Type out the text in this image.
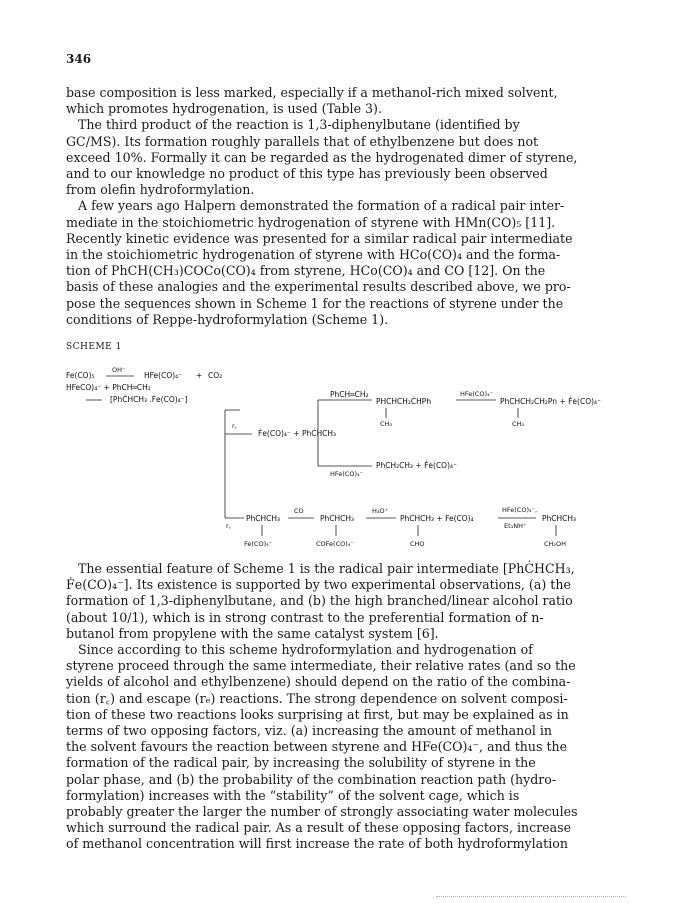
346
base composition is less marked, especially if a methanol-rich mixed solvent,
which promotes hydrogenation, is used (Table 3).
The third product of the reaction is 1,3-diphenylbutane (identified by
GC/MS). Its formation roughly parallels that of ethylbenzene but does not
exceed 10%. Formally it can be regarded as the hydrogenated dimer of styrene,
and to our knowledge no product of this type has previously been observed
from olefin hydroformylation.
A few years ago Halpern demonstrated the formation of a radical pair inter-
mediate in the stoichiometric hydrogenation of styrene with HMn(CO)₅ [11].
Recently kinetic evidence was presented for a similar radical pair intermediate
in the stoichiometric hydrogenation of styrene with HCo(CO)₄ and the forma-
tion of PhCH(CH₃)COCo(CO)₄ from styrene, HCo(CO)₄ and CO [12]. On the
basis of these analogies and the experimental results described above, we pro-
pose the sequences shown in Scheme 1 for the reactions of styrene under the
conditions of Reppe-hydroformylation (Scheme 1).
SCHEME 1
Fe(CO)₅
OH⁻
HFe(CO)₄⁻ + CO₂
HFeCO)₄⁻ + PhCH═CH₂
[PhĊHCH₃ .Ḟe(CO)₄⁻]
r꜀
Ḟe(CO)₄⁻ + PhĊHCH₃
PhCH═CH₂
PHCHCH₂ĊHPh
CH₃
HFe(CO)₄⁻
PhCHCH₂CH₂Pn + Ḟe(CO)₄⁻
CH₃
HFe(CO)₄⁻
PhCH₂CH₃ + Ḟe(CO)₄⁻
r꜀
PhCHCH₃
Fe(CO)₄⁻
CO
PhCHCH₃
COFe(CO)₄⁻
H₃O⁺
PhCHCH₃ + Fe(CO)₄
CHO
HFe(CO)₄⁻,
Et₃NH⁺
PhCHCH₃
CH₂OH
The essential feature of Scheme 1 is the radical pair intermediate [PhĊHCH₃,
Ḟe(CO)₄⁻]. Its existence is supported by two experimental observations, (a) the
formation of 1,3-diphenylbutane, and (b) the high branched/linear alcohol ratio
(about 10/1), which is in strong contrast to the preferential formation of n-
butanol from propylene with the same catalyst system [6].
Since according to this scheme hydroformylation and hydrogenation of
styrene proceed through the same intermediate, their relative rates (and so the
yields of alcohol and ethylbenzene) should depend on the ratio of the combina-
tion (r꜀) and escape (rₑ) reactions. The strong dependence on solvent composi-
tion of these two reactions looks surprising at first, but may be explained as in
terms of two opposing factors, viz. (a) increasing the amount of methanol in
the solvent favours the reaction between styrene and HFe(CO)₄⁻, and thus the
formation of the radical pair, by increasing the solubility of styrene in the
polar phase, and (b) the probability of the combination reaction path (hydro-
formylation) increases with the “stability” of the solvent cage, which is
probably greater the larger the number of strongly associating water molecules
which surround the radical pair. As a result of these opposing factors, increase
of methanol concentration will first increase the rate of both hydroformylation
